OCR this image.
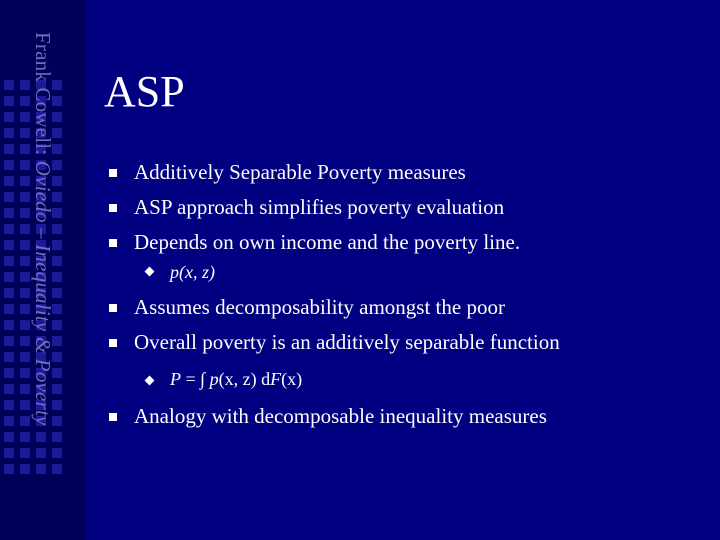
Frank Cowell: Oviedo – Inequality & Poverty
ASP
Additively Separable Poverty measures
ASP approach simplifies poverty evaluation
Depends on own income and the poverty line.
p(x, z)
Assumes decomposability amongst the poor
Overall poverty is an additively separable function
P = ∫ p(x, z) dF(x)
Analogy with decomposable inequality measures
